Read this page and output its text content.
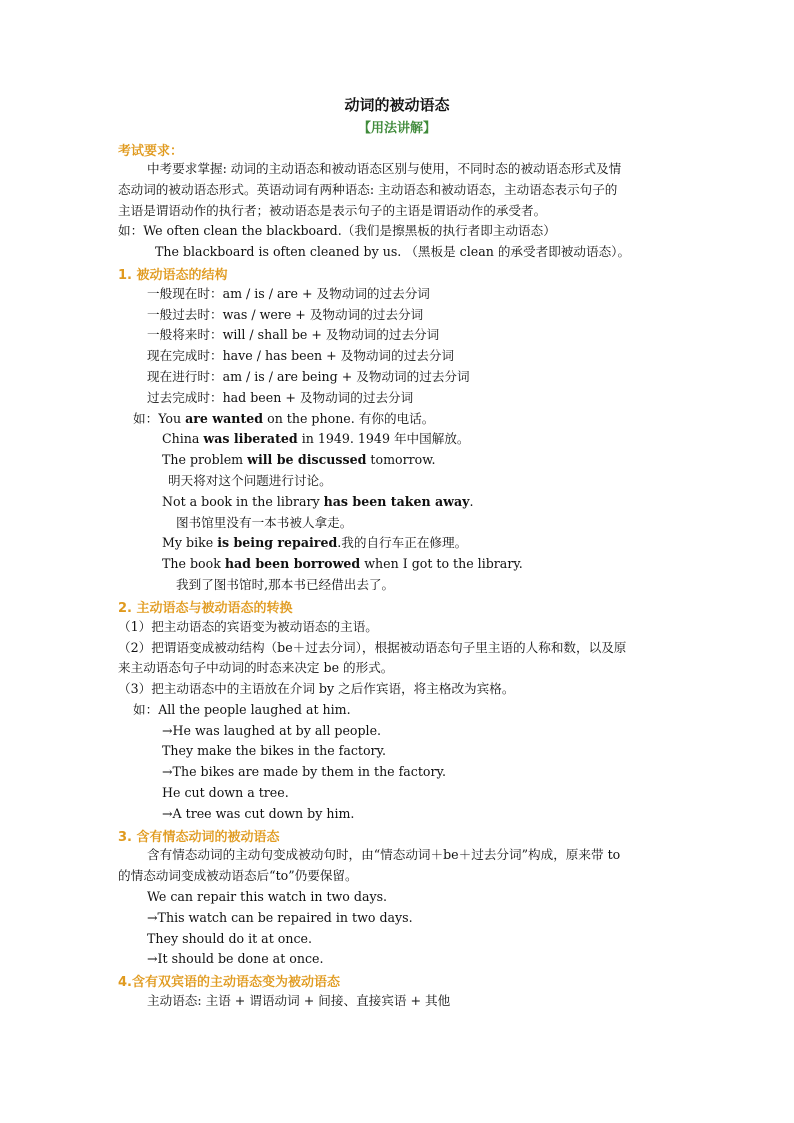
动词的被动语态
【用法讲解】
考试要求：
中考要求掌握: 动词的主动语态和被动语态区别与使用，不同时态的被动语态形式及情
态动词的被动语态形式。英语动词有两种语态: 主动语态和被动语态，主动语态表示句子的
主语是谓语动作的执行者；被动语态是表示句子的主语是谓语动作的承受者。
如：We often clean the blackboard.（我们是擦黑板的执行者即主动语态）
The blackboard is often cleaned by us. （黑板是 clean 的承受者即被动语态）。
1. 被动语态的结构
一般现在时：am / is / are + 及物动词的过去分词
一般过去时：was / were + 及物动词的过去分词
一般将来时：will / shall be + 及物动词的过去分词
现在完成时：have / has been + 及物动词的过去分词
现在进行时：am / is / are being + 及物动词的过去分词
过去完成时：had been + 及物动词的过去分词
如：You are wanted on the phone. 有你的电话。
China was liberated in 1949. 1949 年中国解放。
The problem will be discussed tomorrow.
明天将对这个问题进行讨论。
Not a book in the library has been taken away.
图书馆里没有一本书被人拿走。
My bike is being repaired.我的自行车正在修理。
The book had been borrowed when I got to the library.
我到了图书馆时,那本书已经借出去了。
2. 主动语态与被动语态的转换
（1）把主动语态的宾语变为被动语态的主语。
（2）把谓语变成被动结构（be＋过去分词），根据被动语态句子里主语的人称和数，以及原
来主动语态句子中动词的时态来决定 be 的形式。
（3）把主动语态中的主语放在介词 by 之后作宾语，将主格改为宾格。
如：All the people laughed at him.
→He was laughed at by all people.
They make the bikes in the factory.
→The bikes are made by them in the factory.
He cut down a tree.
→A tree was cut down by him.
3. 含有情态动词的被动语态
含有情态动词的主动句变成被动句时，由“情态动词＋be＋过去分词”构成，原来带 to
的情态动词变成被动语态后“to”仍要保留。
We can repair this watch in two days.
→This watch can be repaired in two days.
They should do it at once.
→It should be done at once.
4.含有双宾语的主动语态变为被动语态
主动语态: 主语 + 谓语动词 + 间接、直接宾语 + 其他
